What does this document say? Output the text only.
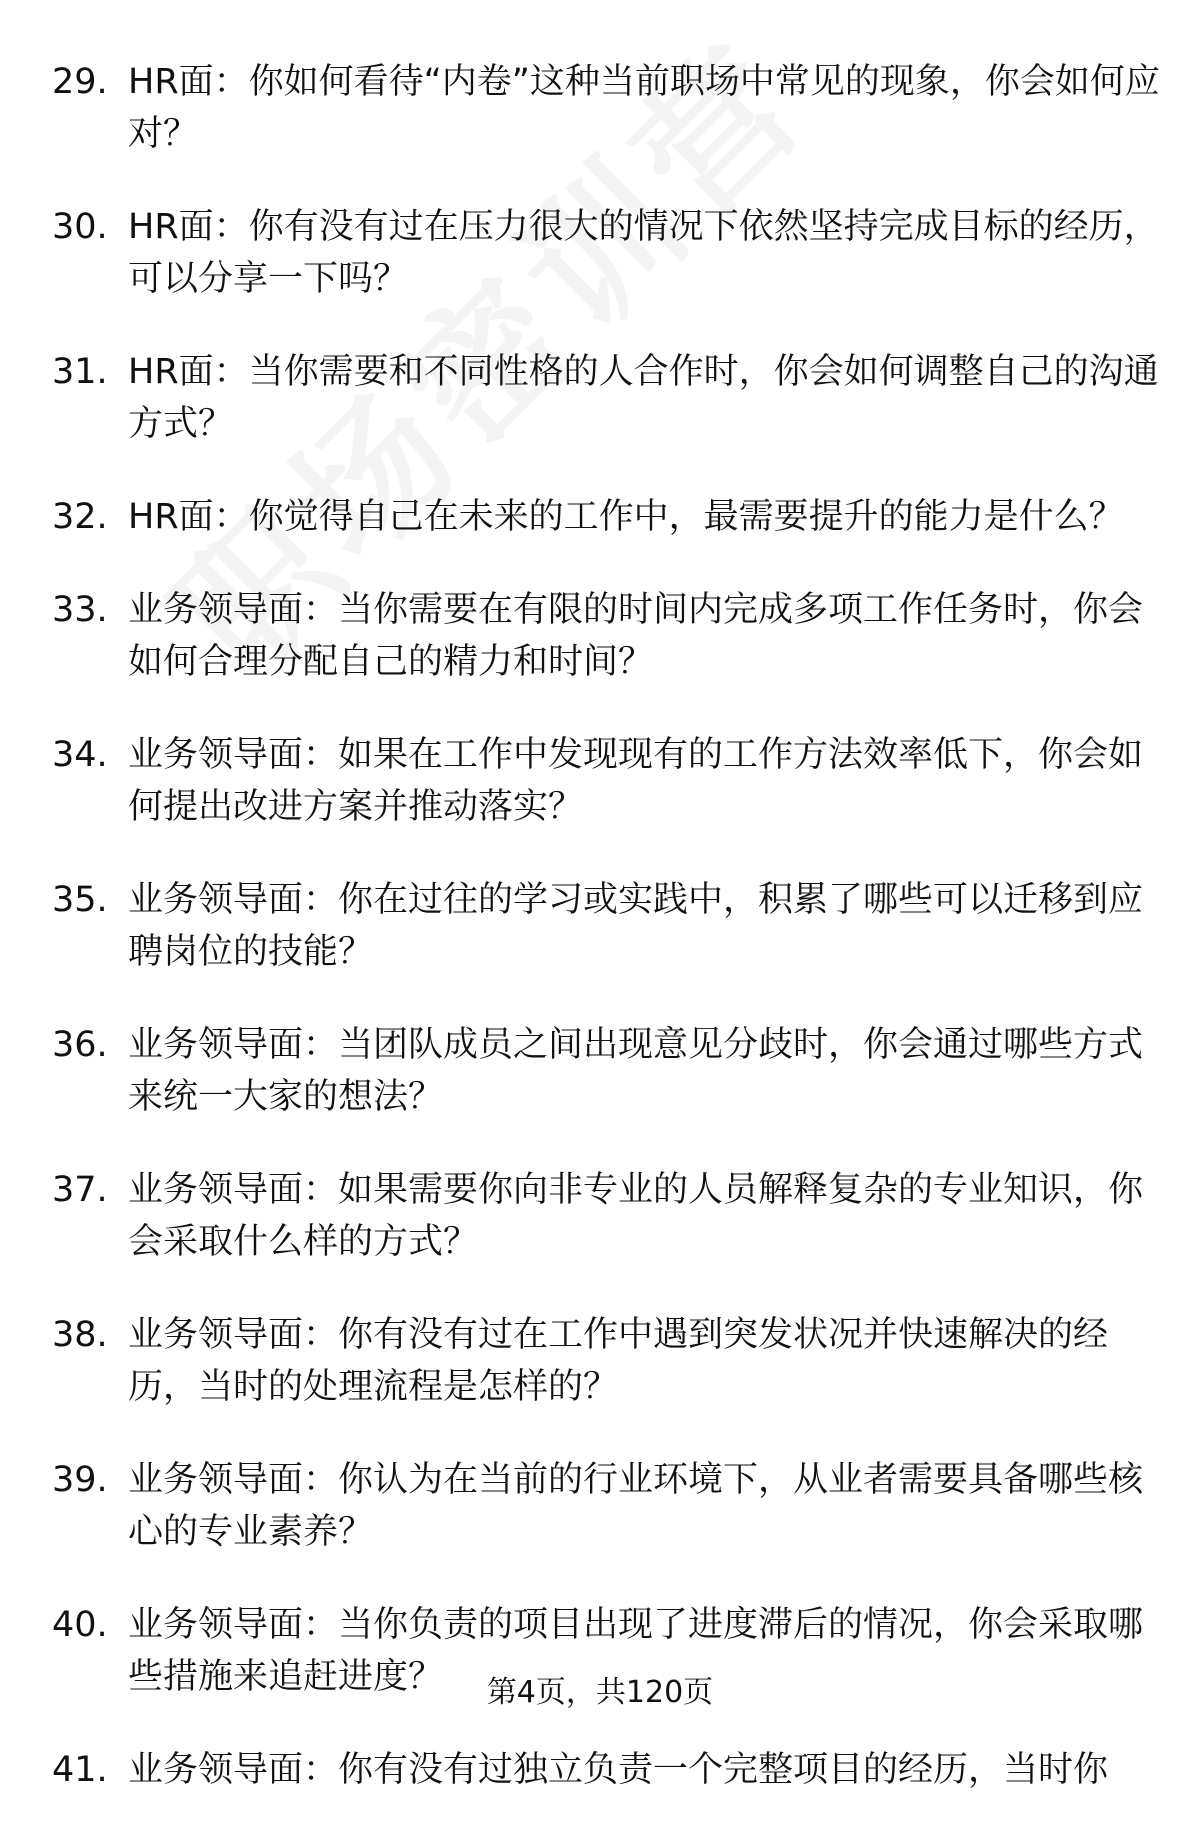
29. HR面：你如何看待“内卷”这种当前职场中常见的现象，你会如何应对？
30. HR面：你有没有过在压力很大的情况下依然坚持完成目标的经历，可以分享一下吗？
31. HR面：当你需要和不同性格的人合作时，你会如何调整自己的沟通方式？
32. HR面：你觉得自己在未来的工作中，最需要提升的能力是什么？
33. 业务领导面：当你需要在有限的时间内完成多项工作任务时，你会如何合理分配自己的精力和时间？
34. 业务领导面：如果在工作中发现现有的工作方法效率低下，你会如何提出改进方案并推动落实？
35. 业务领导面：你在过往的学习或实践中，积累了哪些可以迁移到应聘岗位的技能？
36. 业务领导面：当团队成员之间出现意见分歧时，你会通过哪些方式来统一大家的想法？
37. 业务领导面：如果需要你向非专业的人员解释复杂的专业知识，你会采取什么样的方式？
38. 业务领导面：你有没有过在工作中遇到突发状况并快速解决的经历，当时的处理流程是怎样的？
39. 业务领导面：你认为在当前的行业环境下，从业者需要具备哪些核心的专业素养？
40. 业务领导面：当你负责的项目出现了进度滞后的情况，你会采取哪些措施来追赶进度？
41. 业务领导面：你有没有过独立负责一个完整项目的经历，当时你
第4页，共120页
